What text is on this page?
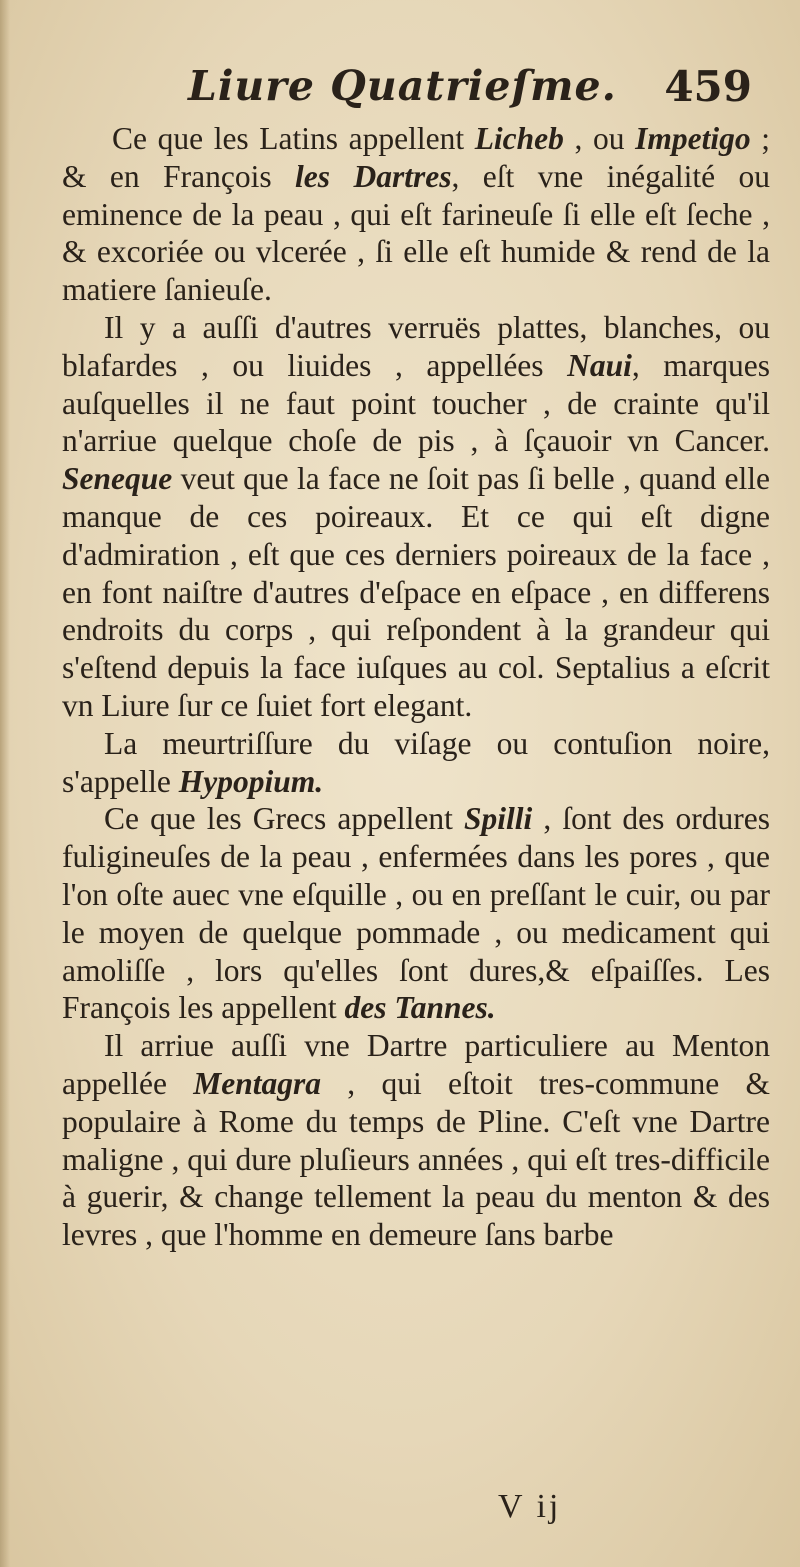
Liure Quatrieſme. 459

Ce que les Latins appellent Licheb , ou Impetigo ; & en François les Dartres, eſt vne inégalité ou eminence de la peau , qui eſt farineuſe ſi elle eſt ſeche , & excoriée ou vlcerée , ſi elle eſt humide & rend de la matiere ſanieuſe.

Il y a auſſi d'autres verruës plattes, blanches, ou blafardes , ou liuides , appellées Naui, marques auſquelles il ne faut point toucher , de crainte qu'il n'arriue quelque choſe de pis , à ſçauoir vn Cancer. Seneque veut que la face ne ſoit pas ſi belle , quand elle manque de ces poireaux. Et ce qui eſt digne d'admiration , eſt que ces derniers poireaux de la face , en font naiſtre d'autres d'eſpace en eſpace , en differens endroits du corps , qui reſpondent à la grandeur qui s'eſtend depuis la face iuſques au col. Septalius a eſcrit vn Liure ſur ce ſuiet fort elegant.

La meurtriſſure du viſage ou contuſion noire, s'appelle Hypopium.

Ce que les Grecs appellent Spilli , ſont des ordures fuligineuſes de la peau , enfermées dans les pores , que l'on oſte auec vne eſquille , ou en preſſant le cuir, ou par le moyen de quelque pommade , ou medicament qui amoliſſe , lors qu'elles ſont dures,& eſpaiſſes. Les François les appellent des Tannes.

Il arriue auſſi vne Dartre particuliere au Menton appellée Mentagra , qui eſtoit tres-commune & populaire à Rome du temps de Pline. C'eſt vne Dartre maligne , qui dure pluſieurs années , qui eſt tres-difficile à guerir, & change tellement la peau du menton & des levres , que l'homme en demeure ſans barbe

V ij
